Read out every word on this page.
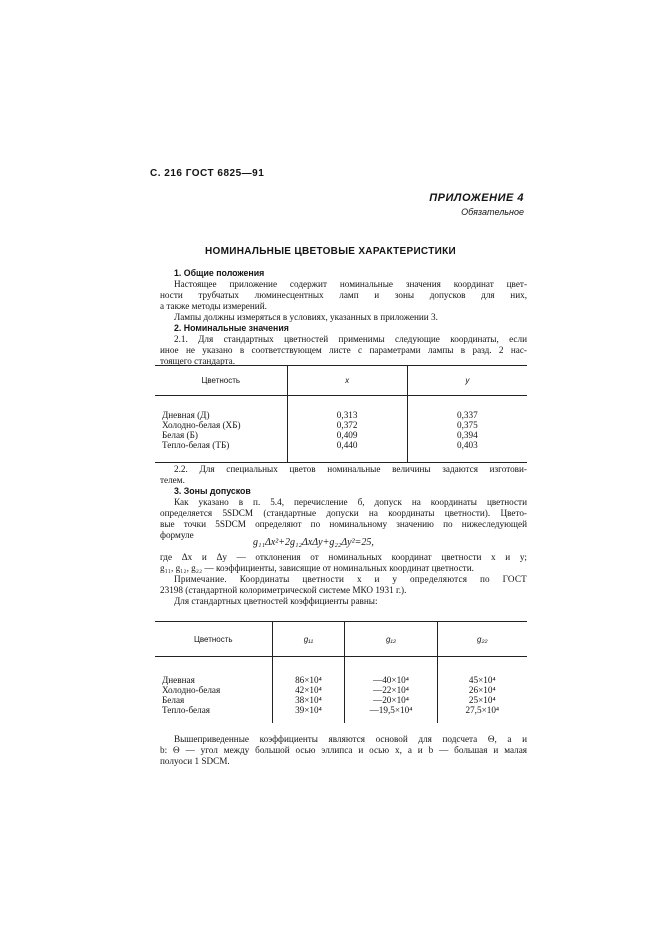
С. 216 ГОСТ 6825—91
ПРИЛОЖЕНИЕ 4
Обязательное
НОМИНАЛЬНЫЕ ЦВЕТОВЫЕ ХАРАКТЕРИСТИКИ
1. Общие положения
Настоящее приложение содержит номинальные значения координат цвет-
ности трубчатых люминесцентных ламп и зоны допусков для них,
а также методы измерений.
Лампы должны измеряться в условиях, указанных в приложении 3.
2. Номинальные значения
2.1. Для стандартных цветностей применимы следующие координаты, если
иное не указано в соответствующем листе с параметрами лампы в разд. 2 нас-
тоящего стандарта.
Цветность	x	y
Дневная (Д)	0,313	0,337
Холодно-белая (ХБ)	0,372	0,375
Белая (Б)	0,409	0,394
Тепло-белая (ТБ)	0,440	0,403
2.2. Для специальных цветов номинальные величины задаются изготови-
телем.
3. Зоны допусков
Как указано в п. 5.4, перечисление б, допуск на координаты цветности
определяется 5SDCM (стандартные допуски на координаты цветности). Цвето-
вые точки 5SDCM определяют по номинальному значению по нижеследующей
формуле
g₁₁Δx²+2g₁₂ΔxΔy+g₂₂Δy²=25,
где Δx и Δy — отклонения от номинальных координат цветности x и y;
g₁₁, g₁₂, g₂₂ — коэффициенты, зависящие от номинальных координат цветности.
Примечание. Координаты цветности x и y определяются по ГОСТ
23198 (стандартной колориметрической системе МКО 1931 г.).
Для стандартных цветностей коэффициенты равны:
Цветность	g₁₁	g₁₂	g₂₂
Дневная	86×10⁴	—40×10⁴	45×10⁴
Холодно-белая	42×10⁴	—22×10⁴	26×10⁴
Белая	38×10⁴	—20×10⁴	25×10⁴
Тепло-белая	39×10⁴	—19,5×10⁴	27,5×10⁴
Вышеприведенные коэффициенты являются основой для подсчета Θ, a и
b: Θ — угол между большой осью эллипса и осью x, a и b — большая и малая
полуоси 1 SDCM.
